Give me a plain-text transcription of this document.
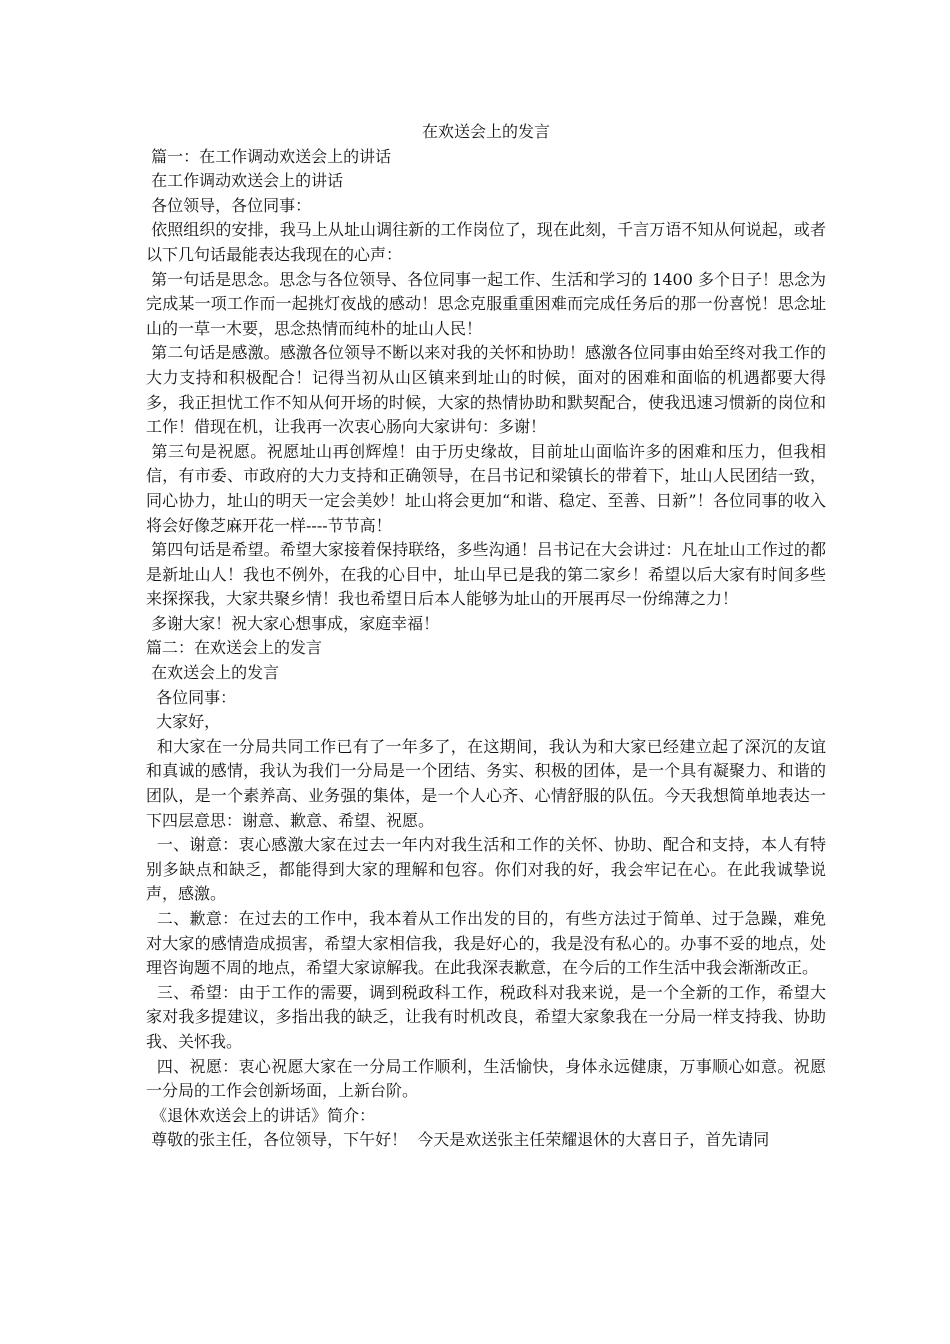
在欢送会上的发言

篇一：在工作调动欢送会上的讲话

在工作调动欢送会上的讲话

各位领导，各位同事：

依照组织的安排，我马上从址山调往新的工作岗位了，现在此刻，千言万语不知从何说起，或者以下几句话最能表达我现在的心声：

第一句话是思念。思念与各位领导、各位同事一起工作、生活和学习的 1400 多个日子！思念为完成某一项工作而一起挑灯夜战的感动！思念克服重重困难而完成任务后的那一份喜悦！思念址山的一草一木要，思念热情而纯朴的址山人民！

第二句话是感激。感激各位领导不断以来对我的关怀和协助！感激各位同事由始至终对我工作的大力支持和积极配合！记得当初从山区镇来到址山的时候，面对的困难和面临的机遇都要大得多，我正担忧工作不知从何开场的时候，大家的热情协助和默契配合，使我迅速习惯新的岗位和工作！借现在机，让我再一次衷心肠向大家讲句：多谢！

第三句是祝愿。祝愿址山再创辉煌！由于历史缘故，目前址山面临许多的困难和压力，但我相信，有市委、市政府的大力支持和正确领导，在吕书记和梁镇长的带着下，址山人民团结一致，同心协力，址山的明天一定会美妙！址山将会更加“和谐、稳定、至善、日新”！各位同事的收入将会好像芝麻开花一样----节节高！

第四句话是希望。希望大家接着保持联络，多些沟通！吕书记在大会讲过：凡在址山工作过的都是新址山人！我也不例外，在我的心目中，址山早已是我的第二家乡！希望以后大家有时间多些来探探我，大家共聚乡情！我也希望日后本人能够为址山的开展再尽一份绵薄之力！

多谢大家！祝大家心想事成，家庭幸福！

篇二：在欢送会上的发言

在欢送会上的发言

各位同事：

大家好，

和大家在一分局共同工作已有了一年多了，在这期间，我认为和大家已经建立起了深沉的友谊和真诚的感情，我认为我们一分局是一个团结、务实、积极的团体，是一个具有凝聚力、和谐的团队，是一个素养高、业务强的集体，是一个人心齐、心情舒服的队伍。今天我想简单地表达一下四层意思：谢意、歉意、希望、祝愿。

一、谢意：衷心感激大家在过去一年内对我生活和工作的关怀、协助、配合和支持，本人有特别多缺点和缺乏，都能得到大家的理解和包容。你们对我的好，我会牢记在心。在此我诚挚说声，感激。

二、歉意：在过去的工作中，我本着从工作出发的目的，有些方法过于简单、过于急躁，难免对大家的感情造成损害，希望大家相信我，我是好心的，我是没有私心的。办事不妥的地点，处理咨询题不周的地点，希望大家谅解我。在此我深表歉意，在今后的工作生活中我会渐渐改正。

三、希望：由于工作的需要，调到税政科工作，税政科对我来说，是一个全新的工作，希望大家对我多提建议，多指出我的缺乏，让我有时机改良，希望大家象我在一分局一样支持我、协助我、关怀我。

四、祝愿：衷心祝愿大家在一分局工作顺利，生活愉快，身体永远健康，万事顺心如意。祝愿一分局的工作会创新场面，上新台阶。

《退休欢送会上的讲话》简介：

尊敬的张主任，各位领导，下午好！  今天是欢送张主任荣耀退休的大喜日子，首先请同
